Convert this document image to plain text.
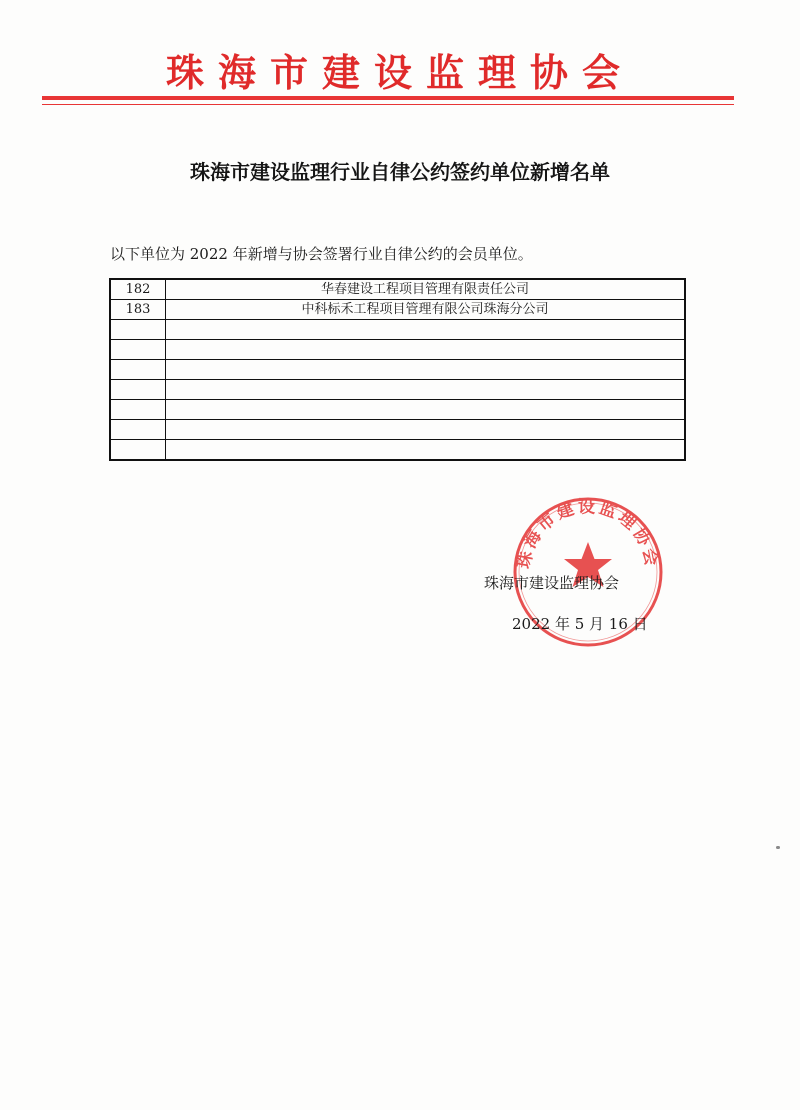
珠海市建设监理协会
珠海市建设监理行业自律公约签约单位新增名单
以下单位为 2022 年新增与协会签署行业自律公约的会员单位。
182	华春建设工程项目管理有限责任公司
183	中科标禾工程项目管理有限公司珠海分公司

珠海市建设监理协会
珠海市建设监理协会
2022 年 5 月 16 日
